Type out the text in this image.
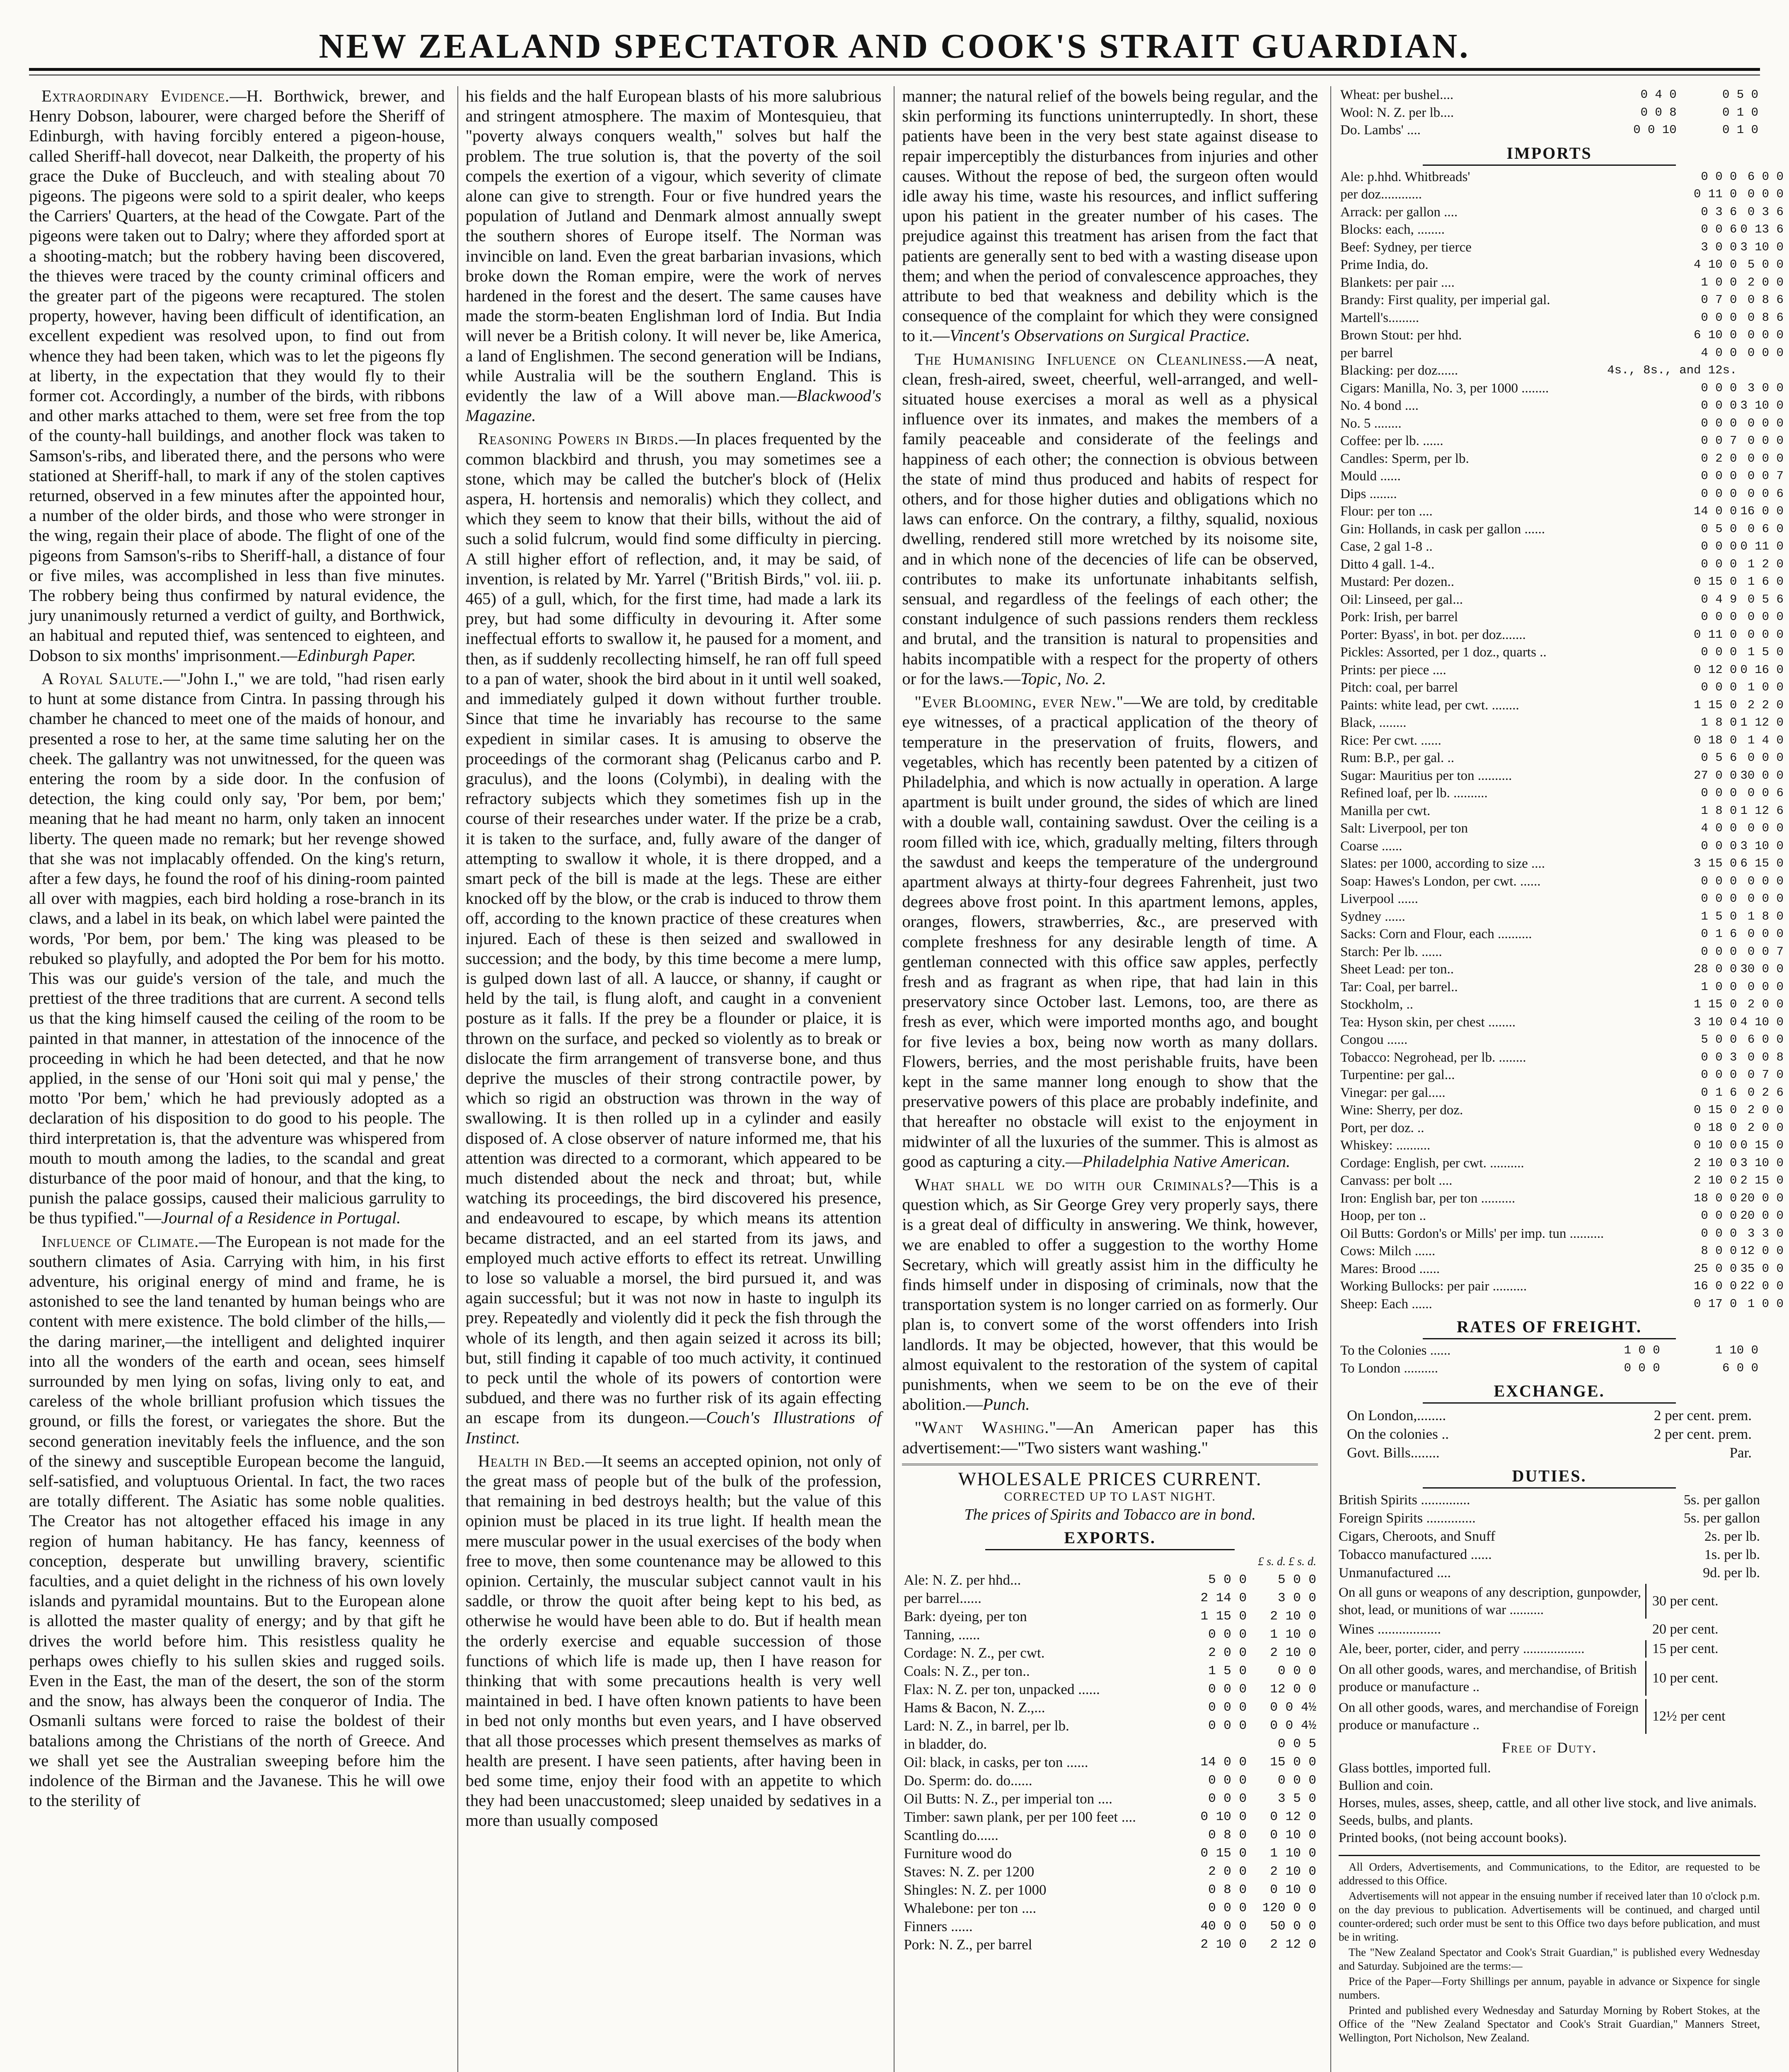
NEW ZEALAND SPECTATOR AND COOK'S STRAIT GUARDIAN.

Extraordinary Evidence.—H. Borthwick, brewer, and Henry Dobson, labourer, were charged before the Sheriff of Edinburgh, with having forcibly entered a pigeon-house, called Sheriff-hall dovecot, near Dalkeith, the property of his grace the Duke of Buccleuch, and with stealing about 70 pigeons. The pigeons were sold to a spirit dealer, who keeps the Carriers' Quarters, at the head of the Cowgate. Part of the pigeons were taken out to Dalry; where they afforded sport at a shooting-match; but the robbery having been discovered, the thieves were traced by the county criminal officers and the greater part of the pigeons were recaptured. The stolen property, however, having been difficult of identification, an excellent expedient was resolved upon, to find out from whence they had been taken, which was to let the pigeons fly at liberty, in the expectation that they would fly to their former cot. Accordingly, a number of the birds, with ribbons and other marks attached to them, were set free from the top of the county-hall buildings, and another flock was taken to Samson's-ribs, and liberated there, and the persons who were stationed at Sheriff-hall, to mark if any of the stolen captives returned, observed in a few minutes after the appointed hour, a number of the older birds, and those who were stronger in the wing, regain their place of abode. The flight of one of the pigeons from Samson's-ribs to Sheriff-hall, a distance of four or five miles, was accomplished in less than five minutes. The robbery being thus confirmed by natural evidence, the jury unanimously returned a verdict of guilty, and Borthwick, an habitual and reputed thief, was sentenced to eighteen, and Dobson to six months' imprisonment.—Edinburgh Paper.

A Royal Salute.—"John I.," we are told, "had risen early to hunt at some distance from Cintra. In passing through his chamber he chanced to meet one of the maids of honour, and presented a rose to her, at the same time saluting her on the cheek. The gallantry was not unwitnessed, for the queen was entering the room by a side door. In the confusion of detection, the king could only say, 'Por bem, por bem;' meaning that he had meant no harm, only taken an innocent liberty. The queen made no remark; but her revenge showed that she was not implacably offended. On the king's return, after a few days, he found the roof of his dining-room painted all over with magpies, each bird holding a rose-branch in its claws, and a label in its beak, on which label were painted the words, 'Por bem, por bem.' The king was pleased to be rebuked so playfully, and adopted the Por bem for his motto. This was our guide's version of the tale, and much the prettiest of the three traditions that are current. A second tells us that the king himself caused the ceiling of the room to be painted in that manner, in attestation of the innocence of the proceeding in which he had been detected, and that he now applied, in the sense of our 'Honi soit qui mal y pense,' the motto 'Por bem,' which he had previously adopted as a declaration of his disposition to do good to his people. The third interpretation is, that the adventure was whispered from mouth to mouth among the ladies, to the scandal and great disturbance of the poor maid of honour, and that the king, to punish the palace gossips, caused their malicious garrulity to be thus typified."—Journal of a Residence in Portugal.

Influence of Climate.—The European is not made for the southern climates of Asia. Carrying with him, in his first adventure, his original energy of mind and frame, he is astonished to see the land tenanted by human beings who are content with mere existence. The bold climber of the hills,—the daring mariner,—the intelligent and delighted inquirer into all the wonders of the earth and ocean, sees himself surrounded by men lying on sofas, living only to eat, and careless of the whole brilliant profusion which tissues the ground, or fills the forest, or variegates the shore. But the second generation inevitably feels the influence, and the son of the sinewy and susceptible European become the languid, self-satisfied, and voluptuous Oriental. In fact, the two races are totally different. The Asiatic has some noble qualities. The Creator has not altogether effaced his image in any region of human habitancy. He has fancy, keenness of conception, desperate but unwilling bravery, scientific faculties, and a quiet delight in the richness of his own lovely islands and pyramidal mountains. But to the European alone is allotted the master quality of energy; and by that gift he drives the world before him. This resistless quality he perhaps owes chiefly to his sullen skies and rugged soils. Even in the East, the man of the desert, the son of the storm and the snow, has always been the conqueror of India. The Osmanli sultans were forced to raise the boldest of their batalions among the Christians of the north of Greece. And we shall yet see the Australian sweeping before him the indolence of the Birman and the Javanese. This he will owe to the sterility of

his fields and the half European blasts of his more salubrious and stringent atmosphere. The maxim of Montesquieu, that "poverty always conquers wealth," solves but half the problem. The true solution is, that the poverty of the soil compels the exertion of a vigour, which severity of climate alone can give to strength. Four or five hundred years the population of Jutland and Denmark almost annually swept the southern shores of Europe itself. The Norman was invincible on land. Even the great barbarian invasions, which broke down the Roman empire, were the work of nerves hardened in the forest and the desert. The same causes have made the storm-beaten Englishman lord of India. But India will never be a British colony. It will never be, like America, a land of Englishmen. The second generation will be Indians, while Australia will be the southern England. This is evidently the law of a Will above man.—Blackwood's Magazine.

Reasoning Powers in Birds.—In places frequented by the common blackbird and thrush, you may sometimes see a stone, which may be called the butcher's block of (Helix aspera, H. hortensis and nemoralis) which they collect, and which they seem to know that their bills, without the aid of such a solid fulcrum, would find some difficulty in piercing. A still higher effort of reflection, and, it may be said, of invention, is related by Mr. Yarrel ("British Birds," vol. iii. p. 465) of a gull, which, for the first time, had made a lark its prey, but had some difficulty in devouring it. After some ineffectual efforts to swallow it, he paused for a moment, and then, as if suddenly recollecting himself, he ran off full speed to a pan of water, shook the bird about in it until well soaked, and immediately gulped it down without further trouble. Since that time he invariably has recourse to the same expedient in similar cases. It is amusing to observe the proceedings of the cormorant shag (Pelicanus carbo and P. graculus), and the loons (Colymbi), in dealing with the refractory subjects which they sometimes fish up in the course of their researches under water. If the prize be a crab, it is taken to the surface, and, fully aware of the danger of attempting to swallow it whole, it is there dropped, and a smart peck of the bill is made at the legs. These are either knocked off by the blow, or the crab is induced to throw them off, according to the known practice of these creatures when injured. Each of these is then seized and swallowed in succession; and the body, by this time become a mere lump, is gulped down last of all. A laucce, or shanny, if caught or held by the tail, is flung aloft, and caught in a convenient posture as it falls. If the prey be a flounder or plaice, it is thrown on the surface, and pecked so violently as to break or dislocate the firm arrangement of transverse bone, and thus deprive the muscles of their strong contractile power, by which so rigid an obstruction was thrown in the way of swallowing. It is then rolled up in a cylinder and easily disposed of. A close observer of nature informed me, that his attention was directed to a cormorant, which appeared to be much distended about the neck and throat; but, while watching its proceedings, the bird discovered his presence, and endeavoured to escape, by which means its attention became distracted, and an eel started from its jaws, and employed much active efforts to effect its retreat. Unwilling to lose so valuable a morsel, the bird pursued it, and was again successful; but it was not now in haste to ingulph its prey. Repeatedly and violently did it peck the fish through the whole of its length, and then again seized it across its bill; but, still finding it capable of too much activity, it continued to peck until the whole of its powers of contortion were subdued, and there was no further risk of its again effecting an escape from its dungeon.—Couch's Illustrations of Instinct.

Health in Bed.—It seems an accepted opinion, not only of the great mass of people but of the bulk of the profession, that remaining in bed destroys health; but the value of this opinion must be placed in its true light. If health mean the mere muscular power in the usual exercises of the body when free to move, then some countenance may be allowed to this opinion. Certainly, the muscular subject cannot vault in his saddle, or throw the quoit after being kept to his bed, as otherwise he would have been able to do. But if health mean the orderly exercise and equable succession of those functions of which life is made up, then I have reason for thinking that with some precautions health is very well maintained in bed. I have often known patients to have been in bed not only months but even years, and I have observed that all those processes which present themselves as marks of health are present. I have seen patients, after having been in bed some time, enjoy their food with an appetite to which they had been unaccustomed; sleep unaided by sedatives in a more than usually composed

manner; the natural relief of the bowels being regular, and the skin performing its functions uninterruptedly. In short, these patients have been in the very best state against disease to repair imperceptibly the disturbances from injuries and other causes. Without the repose of bed, the surgeon often would idle away his time, waste his resources, and inflict suffering upon his patient in the greater number of his cases. The prejudice against this treatment has arisen from the fact that patients are generally sent to bed with a wasting disease upon them; and when the period of convalescence approaches, they attribute to bed that weakness and debility which is the consequence of the complaint for which they were consigned to it.—Vincent's Observations on Surgical Practice.

The Humanising Influence on Cleanliness.—A neat, clean, fresh-aired, sweet, cheerful, well-arranged, and well-situated house exercises a moral as well as a physical influence over its inmates, and makes the members of a family peaceable and considerate of the feelings and happiness of each other; the connection is obvious between the state of mind thus produced and habits of respect for others, and for those higher duties and obligations which no laws can enforce. On the contrary, a filthy, squalid, noxious dwelling, rendered still more wretched by its noisome site, and in which none of the decencies of life can be observed, contributes to make its unfortunate inhabitants selfish, sensual, and regardless of the feelings of each other; the constant indulgence of such passions renders them reckless and brutal, and the transition is natural to propensities and habits incompatible with a respect for the property of others or for the laws.—Topic, No. 2.

"Ever Blooming, ever New."—We are told, by creditable eye witnesses, of a practical application of the theory of temperature in the preservation of fruits, flowers, and vegetables, which has recently been patented by a citizen of Philadelphia, and which is now actually in operation. A large apartment is built under ground, the sides of which are lined with a double wall, containing sawdust. Over the ceiling is a room filled with ice, which, gradually melting, filters through the sawdust and keeps the temperature of the underground apartment always at thirty-four degrees Fahrenheit, just two degrees above frost point. In this apartment lemons, apples, oranges, flowers, strawberries, &c., are preserved with complete freshness for any desirable length of time. A gentleman connected with this office saw apples, perfectly fresh and as fragrant as when ripe, that had lain in this preservatory since October last. Lemons, too, are there as fresh as ever, which were imported months ago, and bought for five levies a box, being now worth as many dollars. Flowers, berries, and the most perishable fruits, have been kept in the same manner long enough to show that the preservative powers of this place are probably indefinite, and that hereafter no obstacle will exist to the enjoyment in midwinter of all the luxuries of the summer. This is almost as good as capturing a city.—Philadelphia Native American.

What shall we do with our Criminals?—This is a question which, as Sir George Grey very properly says, there is a great deal of difficulty in answering. We think, however, we are enabled to offer a suggestion to the worthy Home Secretary, which will greatly assist him in the difficulty he finds himself under in disposing of criminals, now that the transportation system is no longer carried on as formerly. Our plan is, to convert some of the worst offenders into Irish landlords. It may be objected, however, that this would be almost equivalent to the restoration of the system of capital punishments, when we seem to be on the eve of their abolition.—Punch.

"Want Washing."—An American paper has this advertisement:—"Two sisters want washing."

WHOLESALE PRICES CURRENT.
CORRECTED UP TO LAST NIGHT.
The prices of Spirits and Tobacco are in bond.
EXPORTS.
£ s. d. £ s. d.		
Ale: N. Z. per hhd...	5 0 0	5 0 0
per barrel......	2 14 0	3 0 0
Bark: dyeing, per ton	1 15 0	2 10 0
Tanning, ......	0 0 0	1 10 0
Cordage: N. Z., per cwt.	2 0 0	2 10 0
Coals: N. Z., per ton..	1 5 0	0 0 0
Flax: N. Z. per ton, unpacked ......	0 0 0	12 0 0
Hams & Bacon, N. Z.,...	0 0 0	0 0 4½
Lard: N. Z., in barrel, per lb.	0 0 0	0 0 4½
in bladder, do.		0 0 5
Oil: black, in casks, per ton ......	14 0 0	15 0 0
Do. Sperm: do. do......	0 0 0	0 0 0
Oil Butts: N. Z., per imperial ton ....	0 0 0	3 5 0
Timber: sawn plank, per per 100 feet ....	0 10 0	0 12 0
Scantling do......	0 8 0	0 10 0
Furniture wood do	0 15 0	1 10 0
Staves: N. Z. per 1200	2 0 0	2 10 0
Shingles: N. Z. per 1000	0 8 0	0 10 0
Whalebone: per ton ....	0 0 0	120 0 0
Finners ......	40 0 0	50 0 0
Pork: N. Z., per barrel	2 10 0	2 12 0
Wheat: per bushel....	0 4 0	0 5 0
Wool: N. Z. per lb....	0 0 8	0 1 0
Do. Lambs' ....	0 0 10	0 1 0
IMPORTS
Ale: p.hhd. Whitbreads'	0 0 0	6 0 0
per doz............	0 11 0	0 0 0
Arrack: per gallon ....	0 3 6	0 3 6
Blocks: each, ........	0 0 6	0 13 6
Beef: Sydney, per tierce	3 0 0	3 10 0
Prime India, do.	4 10 0	5 0 0
Blankets: per pair ....	1 0 0	2 0 0
Brandy: First quality, per imperial gal.	0 7 0	0 8 6
Martell's.........	0 0 0	0 8 6
Brown Stout: per hhd.	6 10 0	0 0 0
per barrel	4 0 0	0 0 0
Blacking: per doz......	4s., 8s., and 12s.	
Cigars: Manilla, No. 3, per 1000 ........	0 0 0	3 0 0
No. 4 bond ....	0 0 0	3 10 0
No. 5 ........	0 0 0	0 0 0
Coffee: per lb. ......	0 0 7	0 0 0
Candles: Sperm, per lb.	0 2 0	0 0 0
Mould ......	0 0 0	0 0 7
Dips ........	0 0 0	0 0 6
Flour: per ton ....	14 0 0	16 0 0
Gin: Hollands, in cask per gallon ......	0 5 0	0 6 0
Case, 2 gal 1-8 ..	0 0 0	0 11 0
Ditto 4 gall. 1-4..	0 0 0	1 2 0
Mustard: Per dozen..	0 15 0	1 6 0
Oil: Linseed, per gal...	0 4 9	0 5 6
Pork: Irish, per barrel	0 0 0	0 0 0
Porter: Byass', in bot. per doz.......	0 11 0	0 0 0
Pickles: Assorted, per 1 doz., quarts ..	0 0 0	1 5 0
Prints: per piece ....	0 12 0	0 16 0
Pitch: coal, per barrel	0 0 0	1 0 0
Paints: white lead, per cwt. ........	1 15 0	2 2 0
Black, ........	1 8 0	1 12 0
Rice: Per cwt. ......	0 18 0	1 4 0
Rum: B.P., per gal. ..	0 5 6	0 0 0
Sugar: Mauritius per ton ..........	27 0 0	30 0 0
Refined loaf, per lb. ..........	0 0 0	0 0 6
Manilla per cwt.	1 8 0	1 12 6
Salt: Liverpool, per ton	4 0 0	0 0 0
Coarse ......	0 0 0	3 10 0
Slates: per 1000, according to size ....	3 15 0	6 15 0
Soap: Hawes's London, per cwt. ......	0 0 0	0 0 0
Liverpool ......	0 0 0	0 0 0
Sydney ......	1 5 0	1 8 0
Sacks: Corn and Flour, each ..........	0 1 6	0 0 0
Starch: Per lb. ......	0 0 0	0 0 7
Sheet Lead: per ton..	28 0 0	30 0 0
Tar: Coal, per barrel..	1 0 0	0 0 0
Stockholm, ..	1 15 0	2 0 0
Tea: Hyson skin, per chest ........	3 10 0	4 10 0
Congou ......	5 0 0	6 0 0
Tobacco: Negrohead, per lb. ........	0 0 3	0 0 8
Turpentine: per gal...	0 0 0	0 7 0
Vinegar: per gal.....	0 1 6	0 2 6
Wine: Sherry, per doz.	0 15 0	2 0 0
Port, per doz. ..	0 18 0	2 0 0
Whiskey: ..........	0 10 0	0 15 0
Cordage: English, per cwt. ..........	2 10 0	3 10 0
Canvass: per bolt ....	2 10 0	2 15 0
Iron: English bar, per ton ..........	18 0 0	20 0 0
Hoop, per ton ..	0 0 0	20 0 0
Oil Butts: Gordon's or Mills' per imp. tun ..........	0 0 0	3 3 0
Cows: Milch ......	8 0 0	12 0 0
Mares: Brood ......	25 0 0	35 0 0
Working Bullocks: per pair ..........	16 0 0	22 0 0
Sheep: Each ......	0 17 0	1 0 0
RATES OF FREIGHT.
To the Colonies ......	1 0 0	1 10 0
To London ..........	0 0 0	6 0 0
EXCHANGE.
On London,........	2 per cent. prem.
On the colonies ..	2 per cent. prem.
Govt. Bills........	Par.
DUTIES.
British Spirits ..............	5s. per gallon
Foreign Spirits ..............	5s. per gallon
Cigars, Cheroots, and Snuff	2s. per lb.
Tobacco manufactured ......	1s. per lb.
Unmanufactured ....	9d. per lb.
On all guns or weapons of any description, gunpowder, shot, lead, or munitions of war ..........
30 per cent.
Wines ..................	20 per cent.
Ale, beer, porter, cider, and perry ..................	15 per cent.
On all other goods, wares, and merchandise, of British produce or manufacture ..
10 per cent.
On all other goods, wares, and merchandise of Foreign produce or manufacture ..
12½ per cent
Free of Duty.
Glass bottles, imported full.
Bullion and coin.
Horses, mules, asses, sheep, cattle, and all other live stock, and live animals.
Seeds, bulbs, and plants.
Printed books, (not being account books).

All Orders, Advertisements, and Communications, to the Editor, are requested to be addressed to this Office.

Advertisements will not appear in the ensuing number if received later than 10 o'clock p.m. on the day previous to publication. Advertisements will be continued, and charged until counter-ordered; such order must be sent to this Office two days before publication, and must be in writing.

The "New Zealand Spectator and Cook's Strait Guardian," is published every Wednesday and Saturday. Subjoined are the terms:—

Price of the Paper—Forty Shillings per annum, payable in advance or Sixpence for single numbers.

Printed and published every Wednesday and Saturday Morning by Robert Stokes, at the Office of the "New Zealand Spectator and Cook's Strait Guardian," Manners Street, Wellington, Port Nicholson, New Zealand.
